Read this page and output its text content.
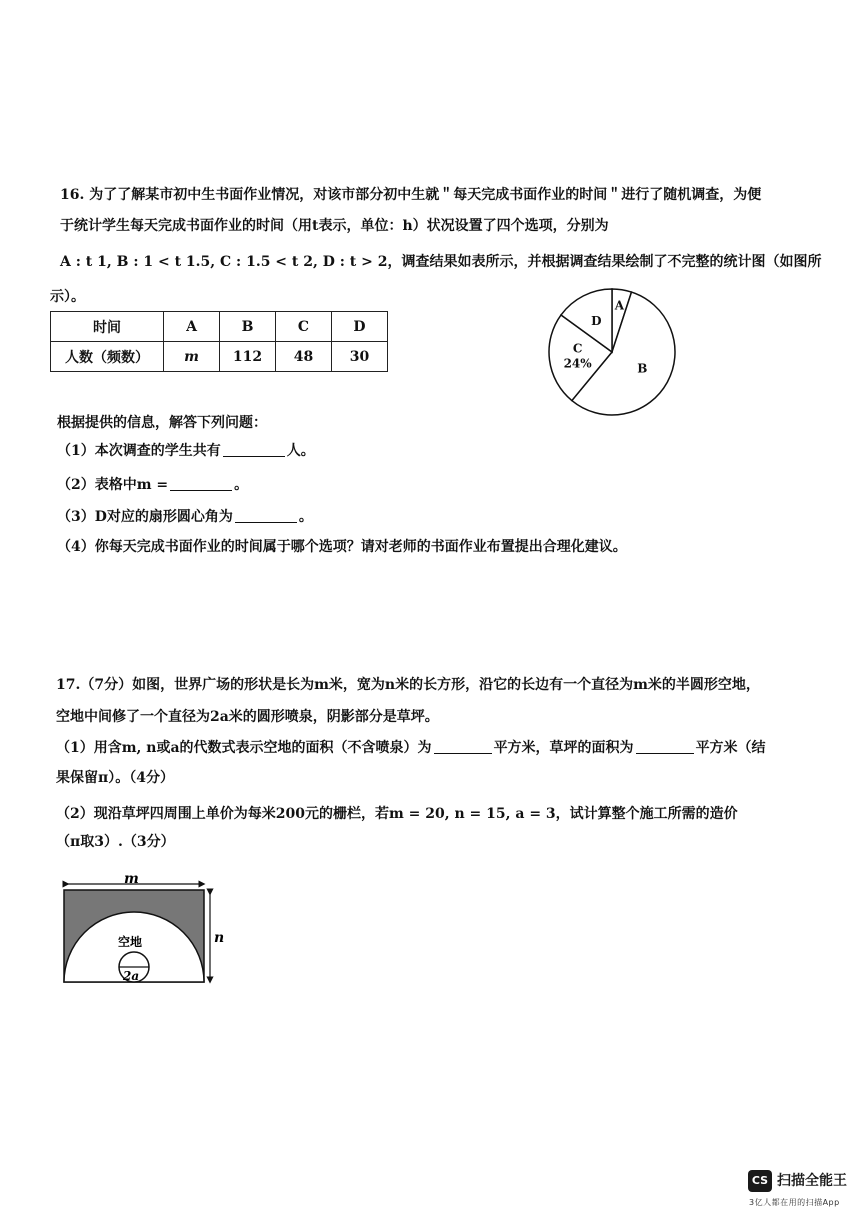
16. 为了了解某市初中生书面作业情况，对该市部分初中生就＂每天完成书面作业的时间＂进行了随机调查，为便
于统计学生每天完成书面作业的时间（用t表示，单位：h）状况设置了四个选项，分别为
A : t 1, B : 1 < t 1.5, C : 1.5 < t 2, D : t > 2，调查结果如表所示，并根据调查结果绘制了不完整的统计图（如图所
示）。
时间	A	B	C	D
人数（频数）	m	112	48	30
A
B
C
24%
D
根据提供的信息，解答下列问题：
（1）本次调查的学生共有	人。
（2）表格中m =	。
（3）D对应的扇形圆心角为	。
（4）你每天完成书面作业的时间属于哪个选项？请对老师的书面作业布置提出合理化建议。
17.（7分）如图，世界广场的形状是长为m米，宽为n米的长方形，沿它的长边有一个直径为m米的半圆形空地，
空地中间修了一个直径为2a米的圆形喷泉，阴影部分是草坪。
（1）用含m, n或a的代数式表示空地的面积（不含喷泉）为	平方米，草坪的面积为	平方米（结
果保留π）。（4分）
（2）现沿草坪四周围上单价为每米200元的栅栏，若m = 20, n = 15, a = 3，试计算整个施工所需的造价
（π取3）.（3分）
m
n
空地
2a
CS 扫描全能王
3亿人都在用的扫描App
